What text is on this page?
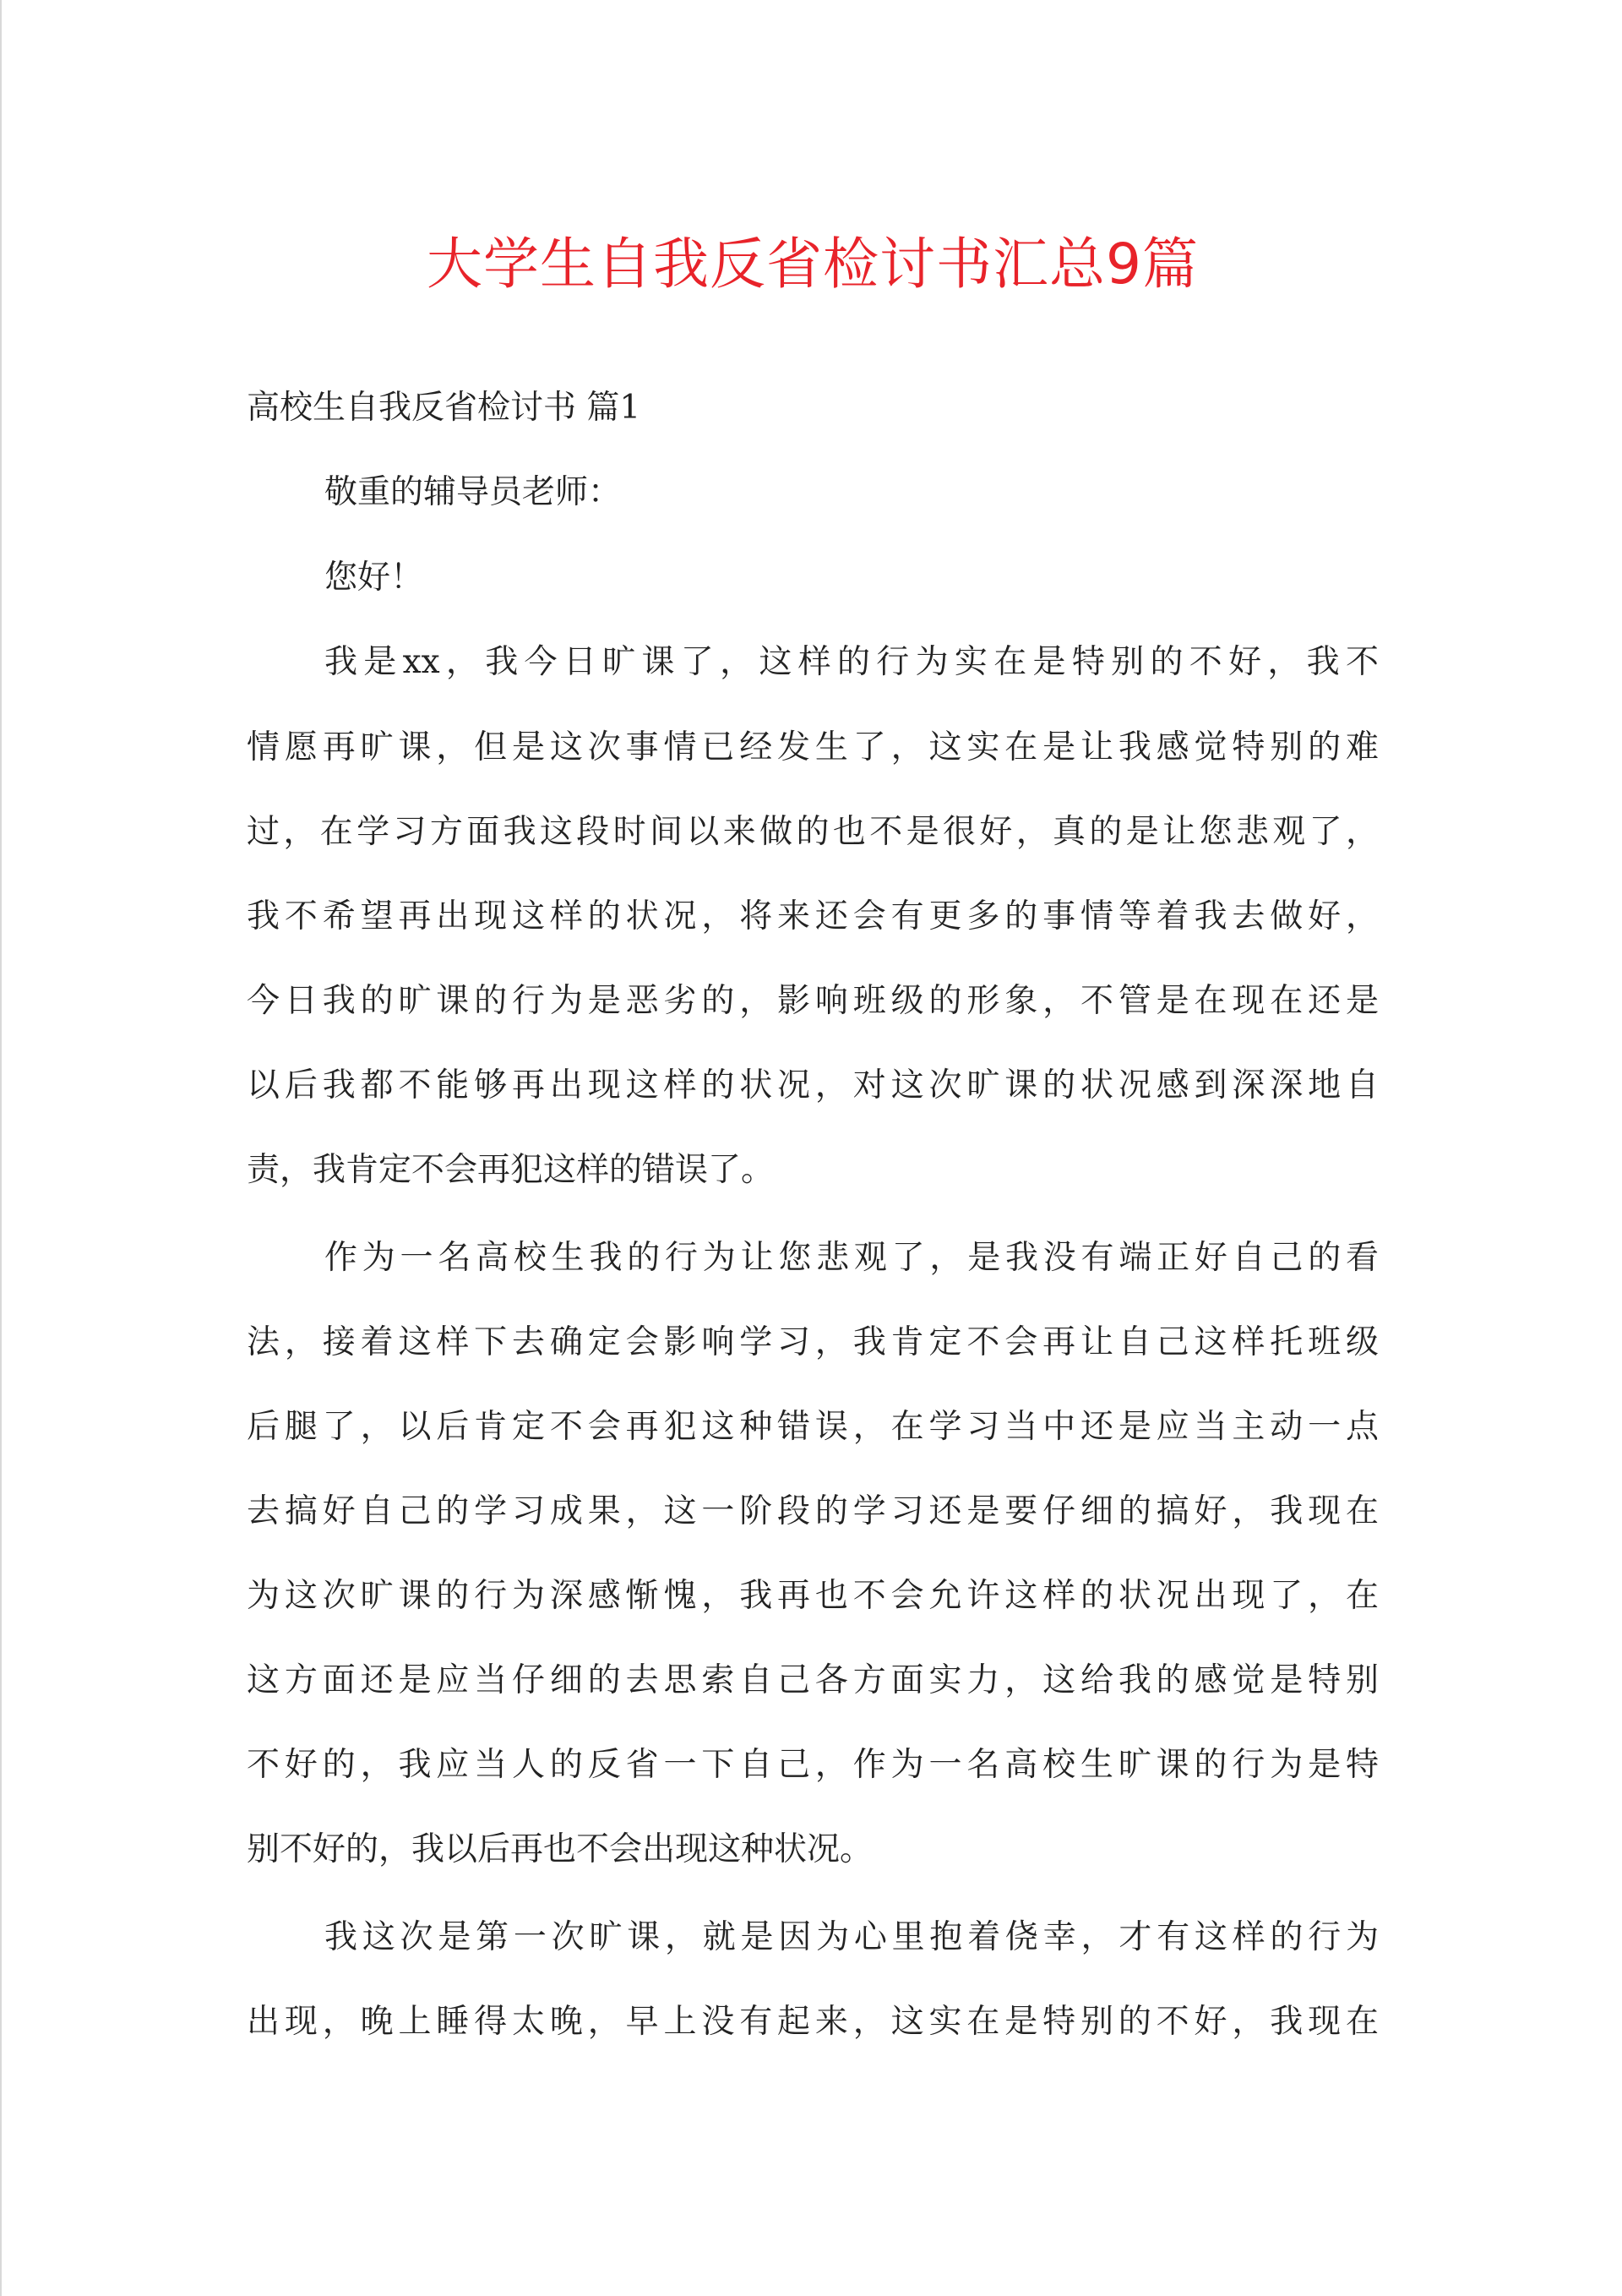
大学生自我反省检讨书汇总9篇
高校生自我反省检讨书 篇1
敬重的辅导员老师：
您好！
我是xx，我今日旷课了，这样的行为实在是特别的不好，我不
情愿再旷课，但是这次事情已经发生了，这实在是让我感觉特别的难
过，在学习方面我这段时间以来做的也不是很好，真的是让您悲观了，
我不希望再出现这样的状况，将来还会有更多的事情等着我去做好，
今日我的旷课的行为是恶劣的，影响班级的形象，不管是在现在还是
以后我都不能够再出现这样的状况，对这次旷课的状况感到深深地自
责，我肯定不会再犯这样的错误了。
作为一名高校生我的行为让您悲观了，是我没有端正好自己的看
法，接着这样下去确定会影响学习，我肯定不会再让自己这样托班级
后腿了，以后肯定不会再犯这种错误，在学习当中还是应当主动一点
去搞好自己的学习成果，这一阶段的学习还是要仔细的搞好，我现在
为这次旷课的行为深感惭愧，我再也不会允许这样的状况出现了，在
这方面还是应当仔细的去思索自己各方面实力，这给我的感觉是特别
不好的，我应当人的反省一下自己，作为一名高校生旷课的行为是特
别不好的，我以后再也不会出现这种状况。
我这次是第一次旷课，就是因为心里抱着侥幸，才有这样的行为
出现，晚上睡得太晚，早上没有起来，这实在是特别的不好，我现在
